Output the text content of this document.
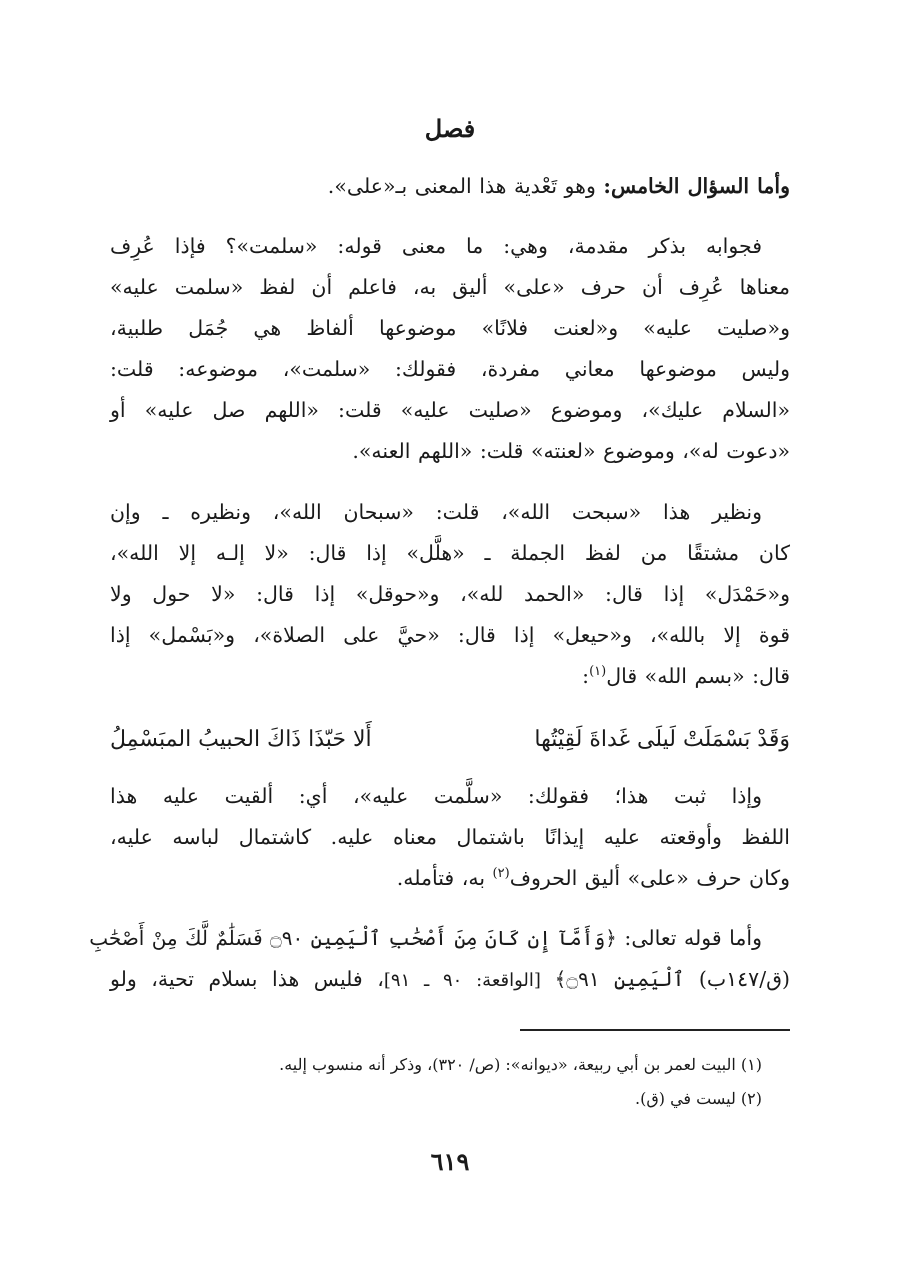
فصل

وأما السؤال الخامس: وهو تَعْدية هذا المعنى بـ«على».

فجوابه بذكر مقدمة، وهي: ما معنى قوله: «سلمت»؟ فإذا عُرِف
معناها عُرِف أن حرف «على» أليق به، فاعلم أن لفظ «سلمت عليه»
و«صليت عليه» و«لعنت فلانًا» موضوعها ألفاظ هي جُمَل طلبية،
وليس موضوعها معاني مفردة، فقولك: «سلمت»، موضوعه: قلت:
«السلام عليك»، وموضوع «صليت عليه» قلت: «اللهم صل عليه» أو
«دعوت له»، وموضوع «لعنته» قلت: «اللهم العنه».

ونظير هذا «سبحت الله»، قلت: «سبحان الله»، ونظيره ـ وإن
كان مشتقًا من لفظ الجملة ـ «هلَّل» إذا قال: «لا إلـه إلا الله»،
و«حَمْدَل» إذا قال: «الحمد لله»، و«حوقل» إذا قال: «لا حول ولا
قوة إلا بالله»، و«حيعل» إذا قال: «حيَّ على الصلاة»، و«بَسْمل» إذا
قال: «بسم الله» قال$^{(١)}$:

وَقَدْ بَسْمَلَتْ لَيلَى غَداةَ لَقِيْتُها
أَلا حَبّذَا ذَاكَ الحبيبُ المبَسْمِلُ

وإذا ثبت هذا؛ فقولك: «سلَّمت عليه»، أي: ألقيت عليه هذا
اللفظ وأوقعته عليه إيذانًا باشتمال معناه عليه. كاشتمال لباسه عليه،
وكان حرف «على» أليق الحروف$^{(٢)}$ به، فتأمله.

وأما قوله تعالى: ﴿وَأَمَّآ إِن كَانَ مِنَ أَصْحَٰبِ ٱلْيَمِينِ ۝٩٠ فَسَلَٰمٌ لَّكَ مِنْ أَصْحَٰبِ
(ق/١٤٧ب) ٱلْيَمِينِ ۝٩١﴾ [الواقعة: ٩٠ ـ ٩١]، فليس هذا بسلام تحية، ولو

(١) البيت لعمر بن أبي ربيعة، «ديوانه»: (ص/ ٣٢٠)، وذكر أنه منسوب إليه.
(٢) ليست في (ق).
٦١٩
